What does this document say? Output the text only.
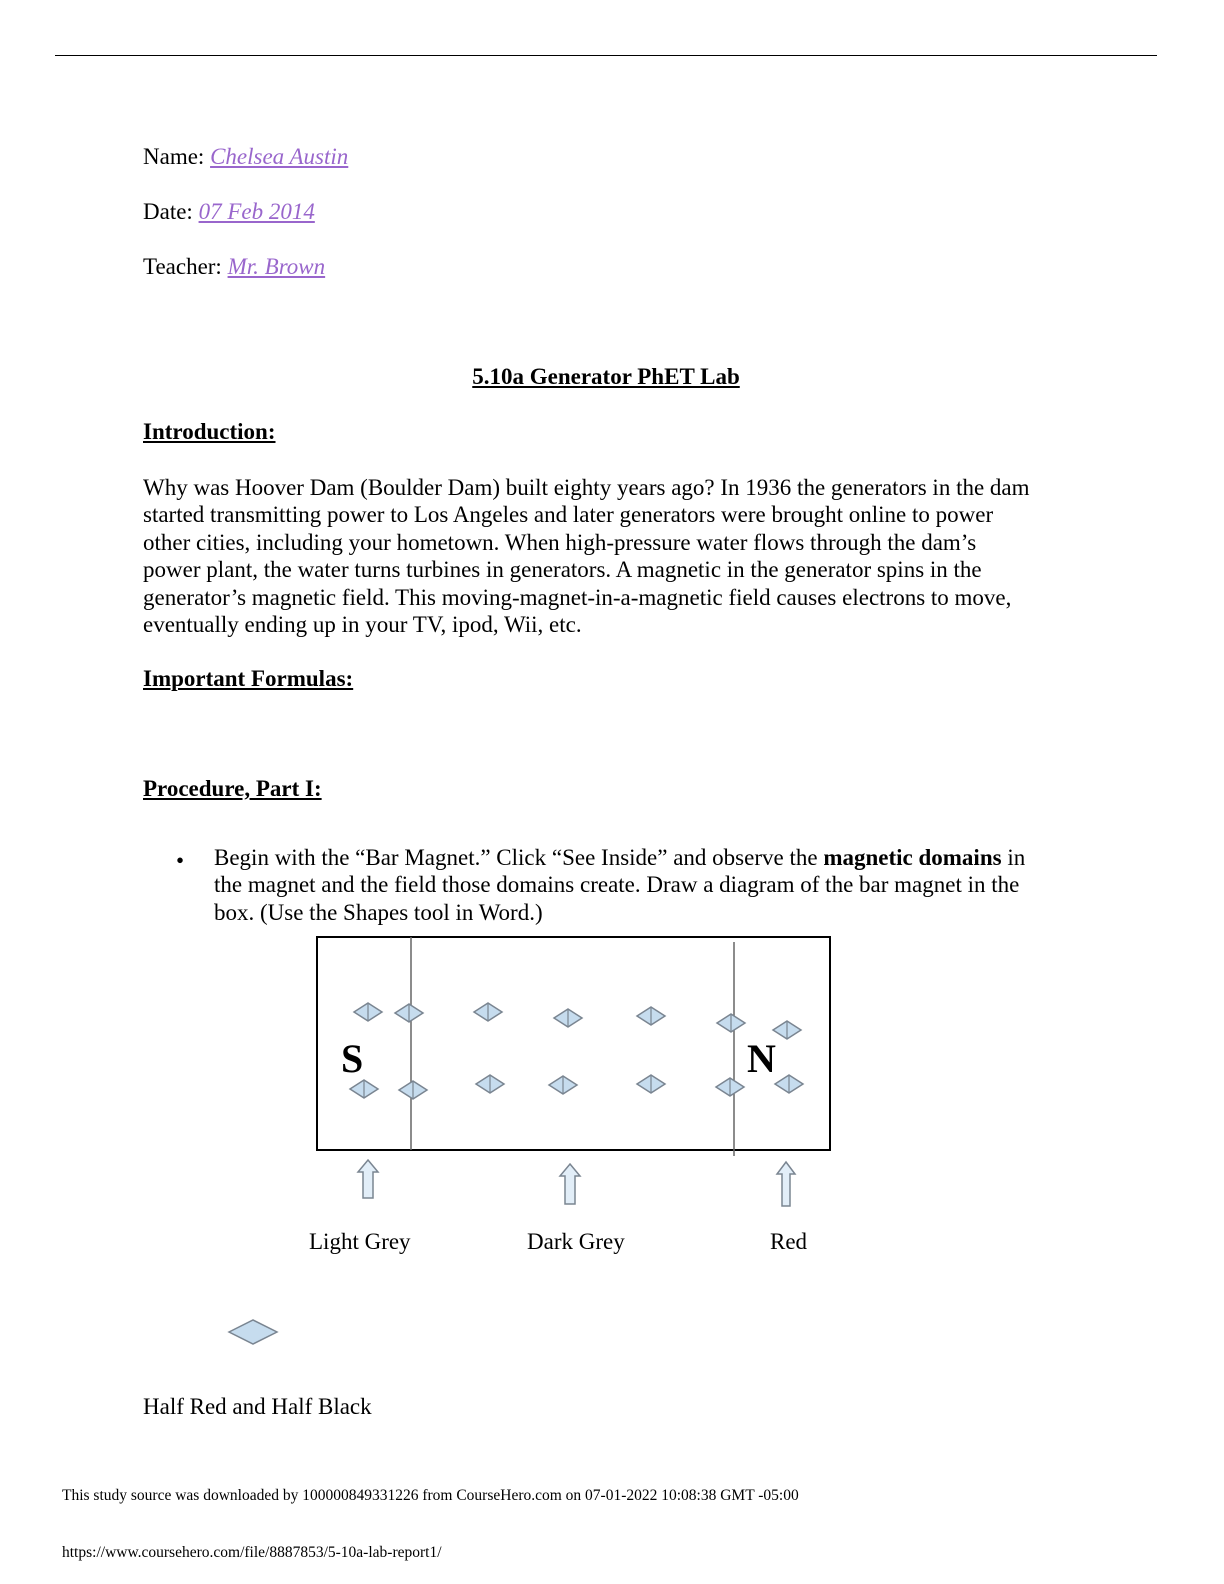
Name: Chelsea Austin
Date: 07 Feb 2014
Teacher: Mr. Brown
5.10a Generator PhET Lab
Introduction:
Why was Hoover Dam (Boulder Dam) built eighty years ago? In 1936 the generators in the dam
started transmitting power to Los Angeles and later generators were brought online to power
other cities, including your hometown. When high-pressure water flows through the dam’s
power plant, the water turns turbines in generators. A magnetic in the generator spins in the
generator’s magnetic field. This moving-magnet-in-a-magnetic field causes electrons to move,
eventually ending up in your TV, ipod, Wii, etc.
Important Formulas:
Procedure, Part I:
• Begin with the “Bar Magnet.” Click “See Inside” and observe the magnetic domains in
the magnet and the field those domains create. Draw a diagram of the bar magnet in the
box. (Use the Shapes tool in Word.)
S	N
Light Grey	Dark Grey	Red
Half Red and Half Black
This study source was downloaded by 100000849331226 from CourseHero.com on 07-01-2022 10:08:38 GMT -05:00
https://www.coursehero.com/file/8887853/5-10a-lab-report1/
